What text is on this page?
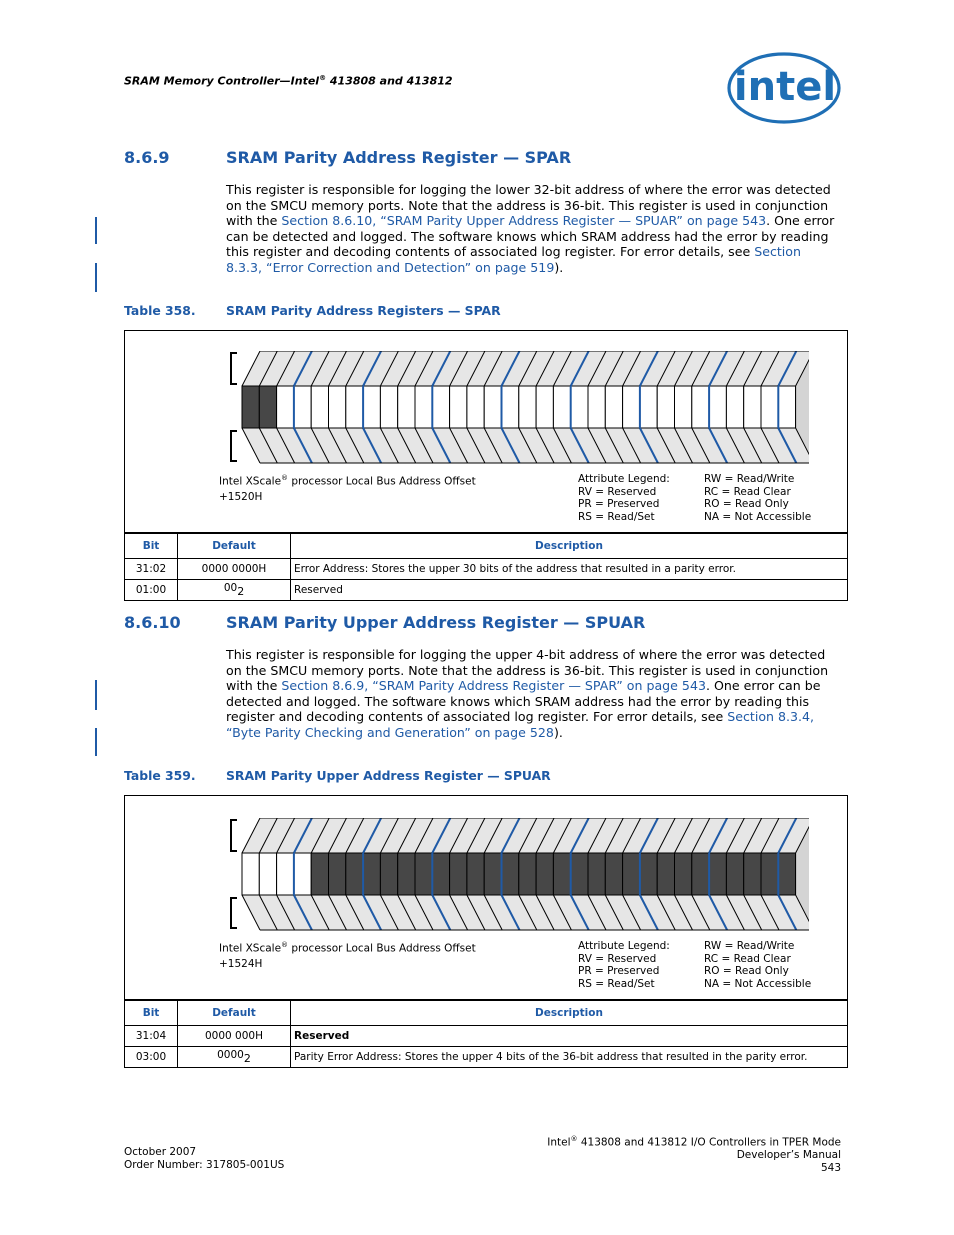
SRAM Memory Controller—Intel® 413808 and 413812	intel
8.6.9	SRAM Parity Address Register — SPAR
This register is responsible for logging the lower 32-bit address of where the error was detected on the SMCU memory ports. Note that the address is 36-bit. This register is used in conjunction with the Section 8.6.10, “SRAM Parity Upper Address Register — SPUAR” on page 543. One error can be detected and logged. The software knows which SRAM address had the error by reading this register and decoding contents of associated log register. For error details, see Section 8.3.3, “Error Correction and Detection” on page 519).
Table 358. SRAM Parity Address Registers — SPAR
Intel XScale® processor Local Bus Address Offset
+1520H
Attribute Legend:	RW = Read/Write
RV = Reserved	RC = Read Clear
PR = Preserved	RO = Read Only
RS = Read/Set	NA = Not Accessible
Bit	Default	Description
31:02	0000 0000H	Error Address: Stores the upper 30 bits of the address that resulted in a parity error.
01:00	$00_2$	Reserved
8.6.10	SRAM Parity Upper Address Register — SPUAR
This register is responsible for logging the upper 4-bit address of where the error was detected on the SMCU memory ports. Note that the address is 36-bit. This register is used in conjunction with the Section 8.6.9, “SRAM Parity Address Register — SPAR” on page 543. One error can be detected and logged. The software knows which SRAM address had the error by reading this register and decoding contents of associated log register. For error details, see Section 8.3.4, “Byte Parity Checking and Generation” on page 528).
Table 359. SRAM Parity Upper Address Register — SPUAR
Intel XScale® processor Local Bus Address Offset
+1524H
Attribute Legend:	RW = Read/Write
RV = Reserved	RC = Read Clear
PR = Preserved	RO = Read Only
RS = Read/Set	NA = Not Accessible
Bit	Default	Description
31:04	0000 000H	Reserved
03:00	$0000_2$	Parity Error Address: Stores the upper 4 bits of the 36-bit address that resulted in the parity error.
October 2007
Order Number: 317805-001US
Intel® 413808 and 413812 I/O Controllers in TPER Mode
Developer’s Manual
543
